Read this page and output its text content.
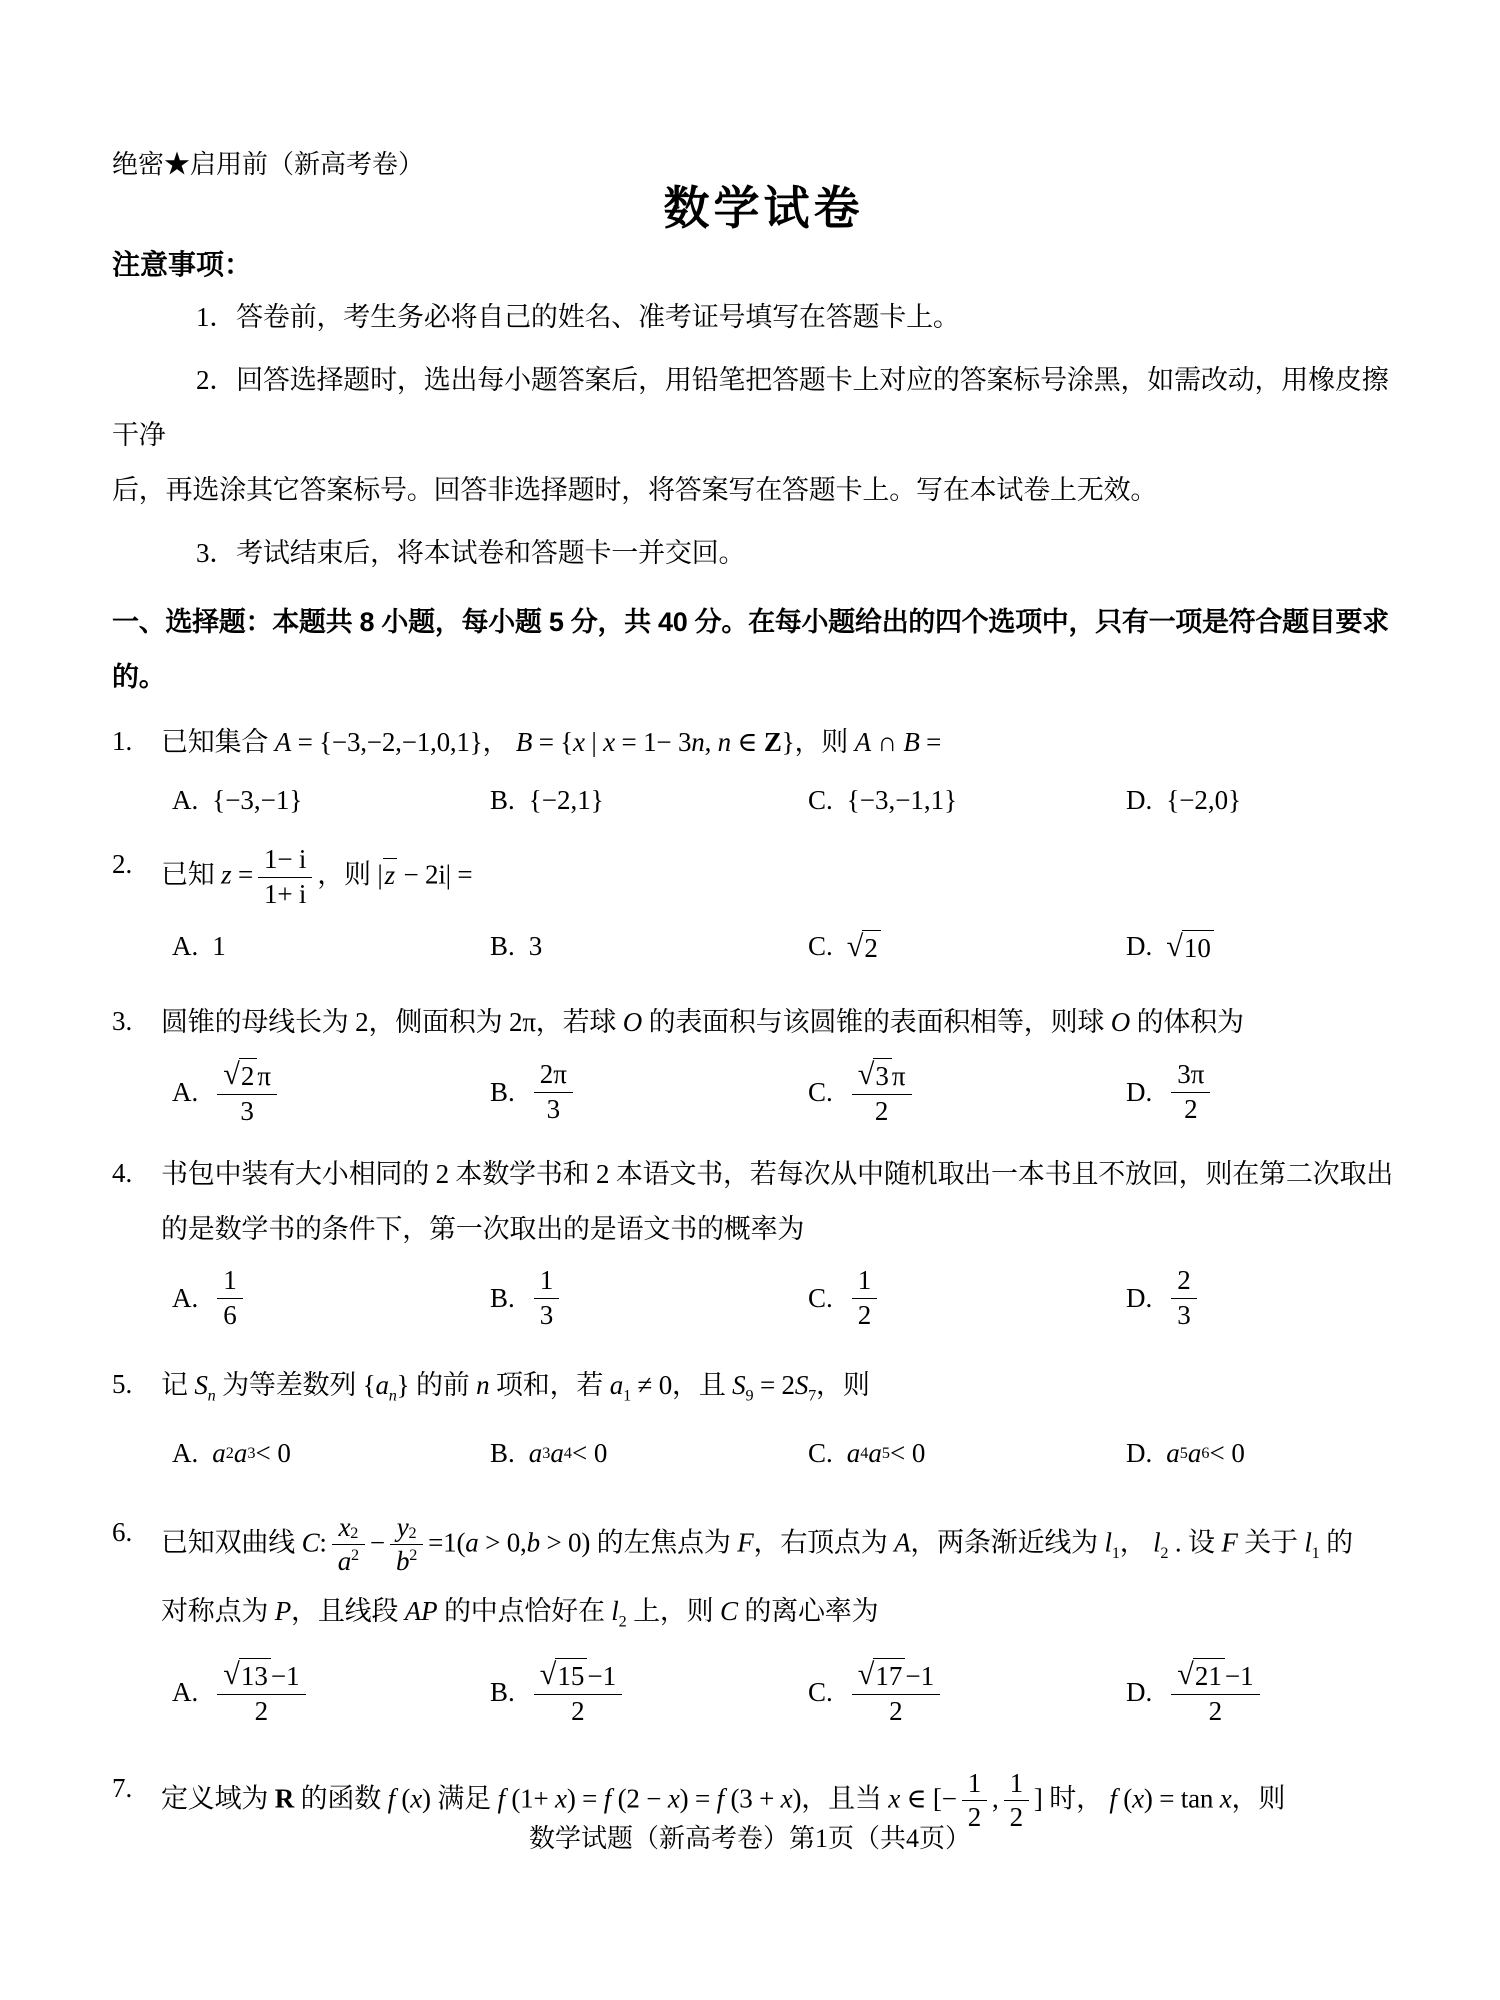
绝密★启用前（新高考卷）
数学试卷
注意事项：
1．答卷前，考生务必将自己的姓名、准考证号填写在答题卡上。
2．回答选择题时，选出每小题答案后，用铅笔把答题卡上对应的答案标号涂黑，如需改动，用橡皮擦干净
后，再选涂其它答案标号。回答非选择题时，将答案写在答题卡上。写在本试卷上无效。
3．考试结束后，将本试卷和答题卡一并交回。
一、选择题：本题共 8 小题，每小题 5 分，共 40 分。在每小题给出的四个选项中，只有一项是符合题目要求的。
1.	已知集合 A = {−3,−2,−1,0,1}， B = {x | x = 1− 3n, n ∈ Z}，则 A ∩ B =
A. {−3,−1}	B. {−2,1}	C. {−3,−1,1}	D. {−2,0}
2.	已知 $z = \frac{1- i}{1+ i}$ ，则 |z − 2i| =
A. 1	B. 3	C. √ 2	D. √ 10
3.	圆锥的母线长为 2，侧面积为 2π，若球 O 的表面积与该圆锥的表面积相等，则球 O 的体积为
A. $\frac{√ 2 \pi}{3}$	B. $\frac{2\pi}{3}$	C. $\frac{√ 3 \pi}{2}$	D. $\frac{3\pi}{2}$
4.	书包中装有大小相同的 2 本数学书和 2 本语文书，若每次从中随机取出一本书且不放回，则在第二次取出
的是数学书的条件下，第一次取出的是语文书的概率为
A. $\frac{1}{6}$	B. $\frac{1}{3}$	C. $\frac{1}{2}$	D. $\frac{2}{3}$
5.	记 $S_n$ 为等差数列 $\{a_n\}$ 的前 n 项和，若 $a_1 \ne 0$，且 $S_9 = 2S_7$，则
A. a 2 a 3 < 0	B. a 3 a 4 < 0	C. a 4 a 5 < 0	D. a 5 a 6 < 0
6.	已知双曲线 C: $\frac{x _2}{a 2} - \frac{y _2}{b 2} =1(a > 0,b > 0)$ 的左焦点为 F，右顶点为 A，两条渐近线为 $l_1$， $l_2$ . 设 F 关于 $l_1$ 的
对称点为 P，且线段 AP 的中点恰好在 $l_2$ 上，则 C 的离心率为
A. $\frac{√ 13 -1}{2}$	B. $\frac{√ 15 -1}{2}$	C. $\frac{√ 17 -1}{2}$	D. $\frac{√ 21 -1}{2}$
7.	定义域为 R 的函数 f (x) 满足 f (1+ x) = f (2 − x) = f (3 + x)，且当 x ∈ [− $\frac{1}{2}$ , $\frac{1}{2}$ ] 时， f (x) = tan x，则
数学试题（新高考卷）第1页（共4页）
